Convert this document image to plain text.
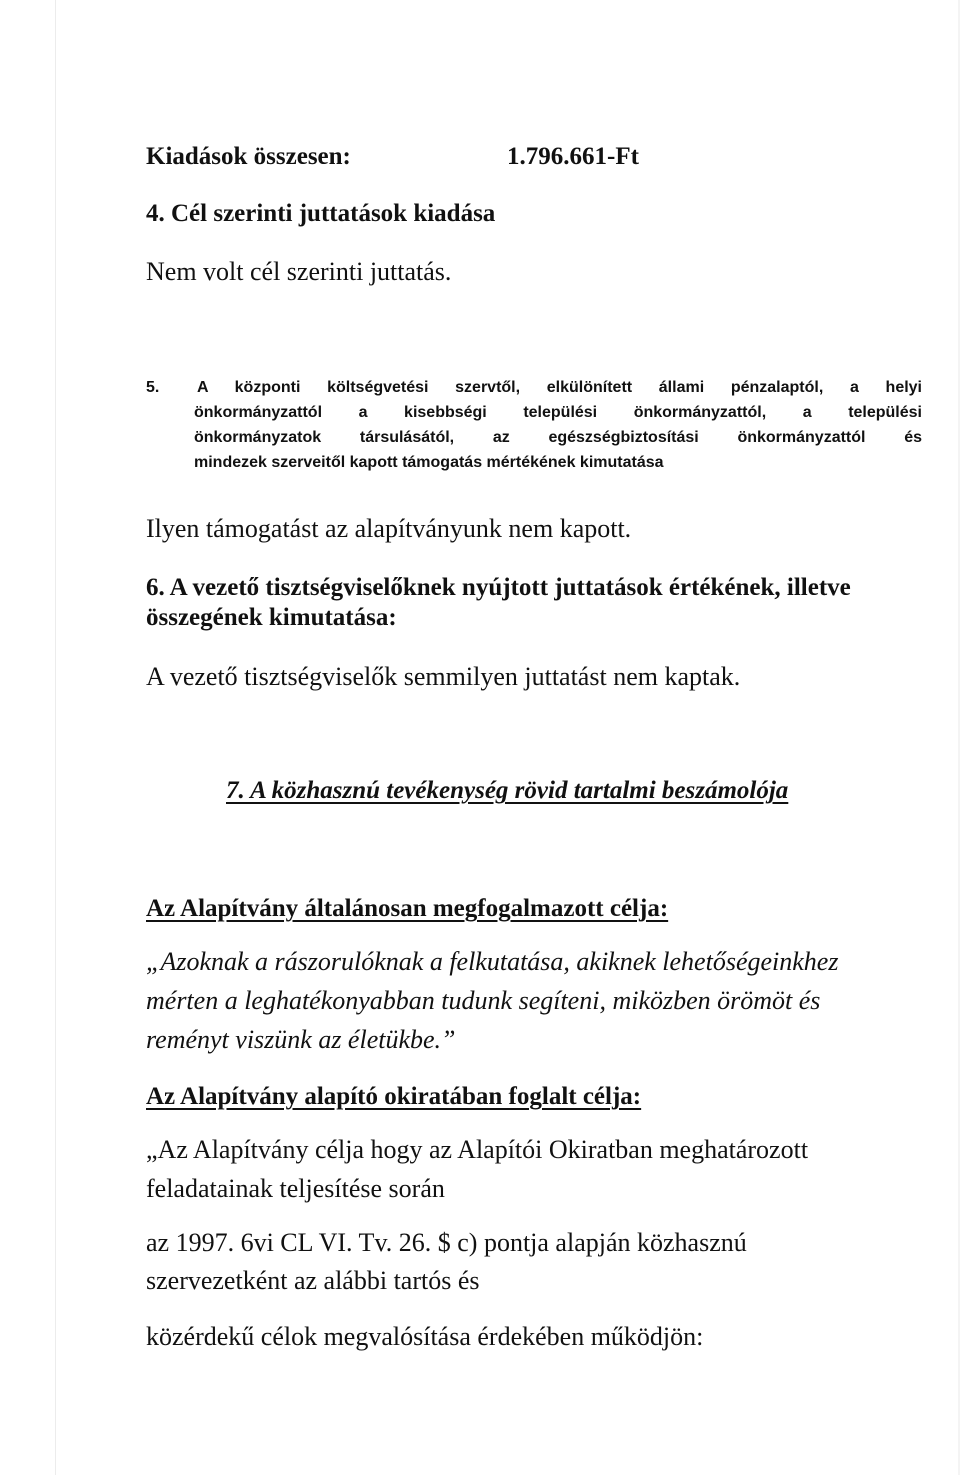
Kiadások összesen:	1.796.661-Ft
4. Cél szerinti juttatások kiadása
Nem volt cél szerinti juttatás.
5. A központi költségvetési szervtől, elkülönített állami pénzalaptól, a helyi
önkormányzattól a kisebbségi települési önkormányzattól, a települési
önkormányzatok társulásától, az egészségbiztosítási önkormányzattól és
mindezek szerveitől kapott támogatás mértékének kimutatása
Ilyen támogatást az alapítványunk nem kapott.
6. A vezető tisztségviselőknek nyújtott juttatások értékének, illetve
összegének kimutatása:
A vezető tisztségviselők semmilyen juttatást nem kaptak.
7. A közhasznú tevékenység rövid tartalmi beszámolója
Az Alapítvány általánosan megfogalmazott célja:
„Azoknak a rászorulóknak a felkutatása, akiknek lehetőségeinkhez
mérten a leghatékonyabban tudunk segíteni, miközben örömöt és
reményt viszünk az életükbe.”
Az Alapítvány alapító okiratában foglalt célja:
„Az Alapítvány célja hogy az Alapítói Okiratban meghatározott
feladatainak teljesítése során
az 1997. 6vi CL VI. Tv. 26. $ c) pontja alapján közhasznú
szervezetként az alábbi tartós és
közérdekű célok megvalósítása érdekében működjön:
